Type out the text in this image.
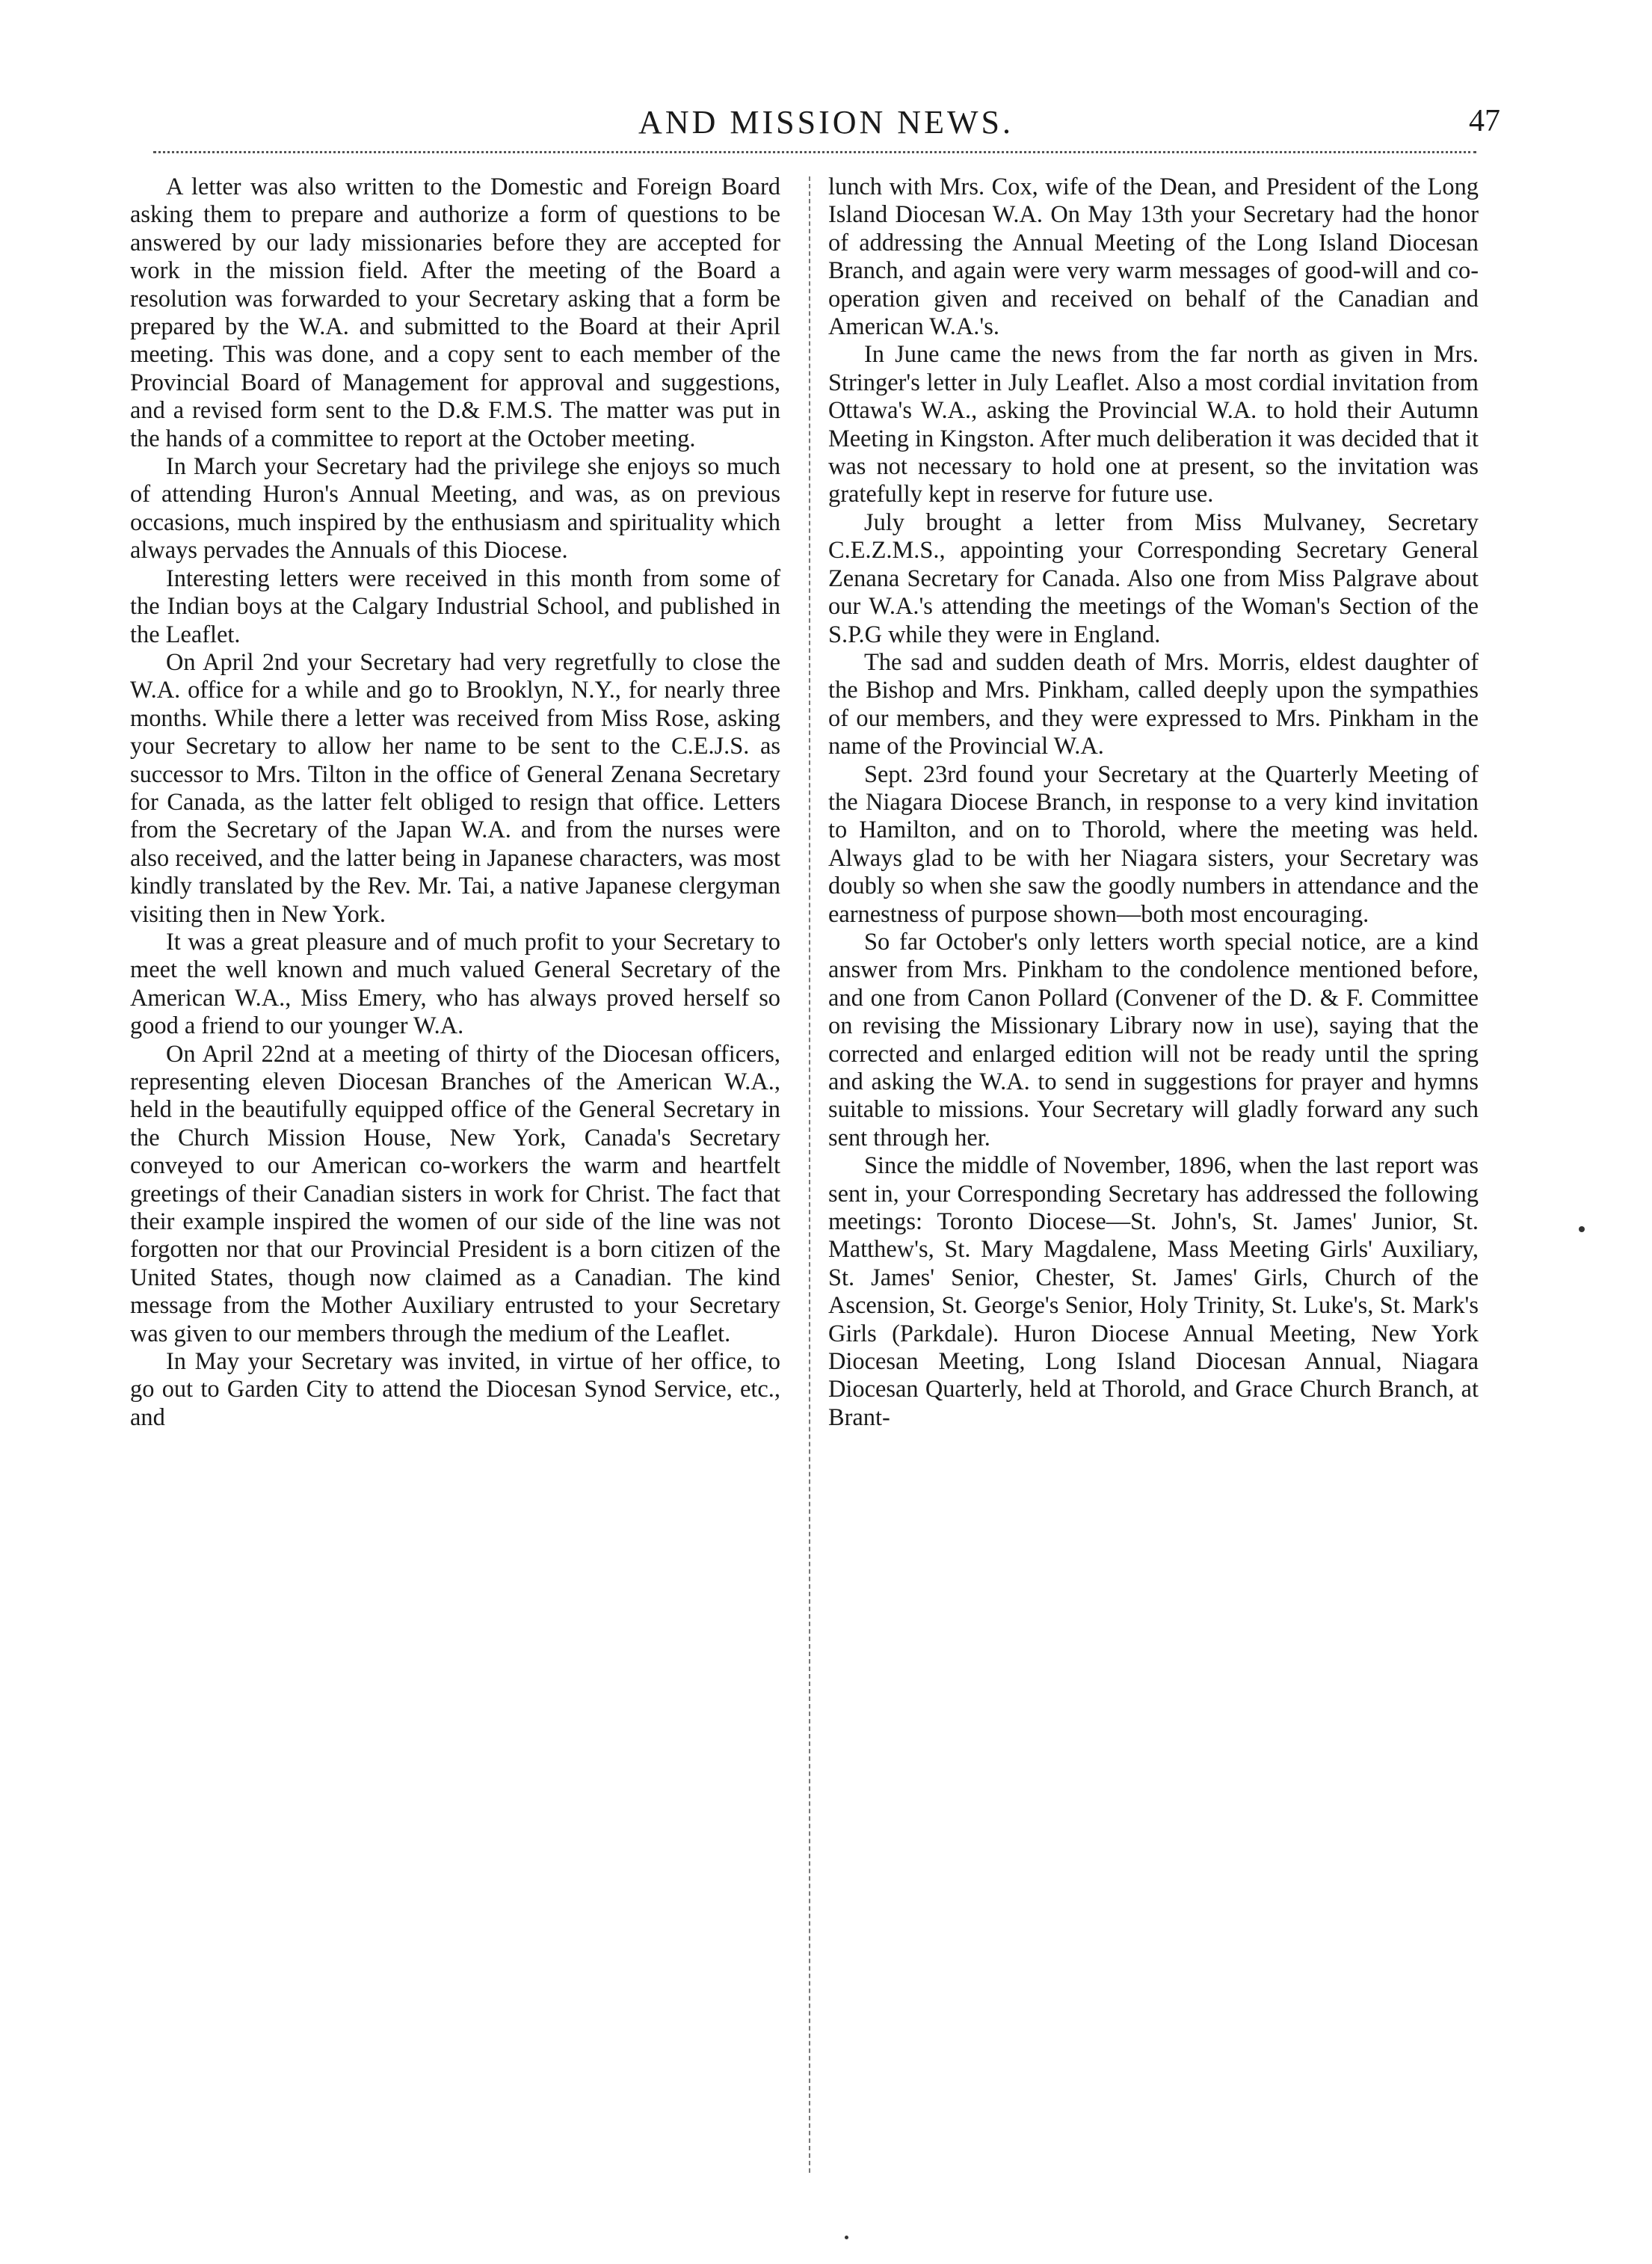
AND MISSION NEWS.	47

A letter was also written to the Domestic and Foreign Board asking them to prepare and authorize a form of questions to be answered by our lady missionaries before they are accepted for work in the mission field. After the meeting of the Board a resolution was forwarded to your Secretary asking that a form be prepared by the W.A. and submitted to the Board at their April meeting. This was done, and a copy sent to each member of the Provincial Board of Management for approval and suggestions, and a revised form sent to the D.& F.M.S. The matter was put in the hands of a committee to report at the October meeting.

In March your Secretary had the privilege she enjoys so much of attending Huron's Annual Meeting, and was, as on previous occasions, much inspired by the enthusiasm and spirituality which always pervades the Annuals of this Diocese.

Interesting letters were received in this month from some of the Indian boys at the Calgary Industrial School, and published in the Leaflet.

On April 2nd your Secretary had very regretfully to close the W.A. office for a while and go to Brooklyn, N.Y., for nearly three months. While there a letter was received from Miss Rose, asking your Secretary to allow her name to be sent to the C.E.J.S. as successor to Mrs. Tilton in the office of General Zenana Secretary for Canada, as the latter felt obliged to resign that office. Letters from the Secretary of the Japan W.A. and from the nurses were also received, and the latter being in Japanese characters, was most kindly translated by the Rev. Mr. Tai, a native Japanese clergyman visiting then in New York.

It was a great pleasure and of much profit to your Secretary to meet the well known and much valued General Secretary of the American W.A., Miss Emery, who has always proved herself so good a friend to our younger W.A.

On April 22nd at a meeting of thirty of the Diocesan officers, representing eleven Diocesan Branches of the American W.A., held in the beautifully equipped office of the General Secretary in the Church Mission House, New York, Canada's Secretary conveyed to our American co-workers the warm and heartfelt greetings of their Canadian sisters in work for Christ. The fact that their example inspired the women of our side of the line was not forgotten nor that our Provincial President is a born citizen of the United States, though now claimed as a Canadian. The kind message from the Mother Auxiliary entrusted to your Secretary was given to our members through the medium of the Leaflet.

In May your Secretary was invited, in virtue of her office, to go out to Garden City to attend the Diocesan Synod Service, etc., and

lunch with Mrs. Cox, wife of the Dean, and President of the Long Island Diocesan W.A. On May 13th your Secretary had the honor of addressing the Annual Meeting of the Long Island Diocesan Branch, and again were very warm messages of good-will and co-operation given and received on behalf of the Canadian and American W.A.'s.

In June came the news from the far north as given in Mrs. Stringer's letter in July Leaflet. Also a most cordial invitation from Ottawa's W.A., asking the Provincial W.A. to hold their Autumn Meeting in Kingston. After much deliberation it was decided that it was not necessary to hold one at present, so the invitation was gratefully kept in reserve for future use.

July brought a letter from Miss Mulvaney, Secretary C.E.Z.M.S., appointing your Corresponding Secretary General Zenana Secretary for Canada. Also one from Miss Palgrave about our W.A.'s attending the meetings of the Woman's Section of the S.P.G while they were in England.

The sad and sudden death of Mrs. Morris, eldest daughter of the Bishop and Mrs. Pinkham, called deeply upon the sympathies of our members, and they were expressed to Mrs. Pinkham in the name of the Provincial W.A.

Sept. 23rd found your Secretary at the Quarterly Meeting of the Niagara Diocese Branch, in response to a very kind invitation to Hamilton, and on to Thorold, where the meeting was held. Always glad to be with her Niagara sisters, your Secretary was doubly so when she saw the goodly numbers in attendance and the earnestness of purpose shown—both most encouraging.

So far October's only letters worth special notice, are a kind answer from Mrs. Pinkham to the condolence mentioned before, and one from Canon Pollard (Convener of the D. & F. Committee on revising the Missionary Library now in use), saying that the corrected and enlarged edition will not be ready until the spring and asking the W.A. to send in suggestions for prayer and hymns suitable to missions. Your Secretary will gladly forward any such sent through her.

Since the middle of November, 1896, when the last report was sent in, your Corresponding Secretary has addressed the following meetings: Toronto Diocese—St. John's, St. James' Junior, St. Matthew's, St. Mary Magdalene, Mass Meeting Girls' Auxiliary, St. James' Senior, Chester, St. James' Girls, Church of the Ascension, St. George's Senior, Holy Trinity, St. Luke's, St. Mark's Girls (Parkdale). Huron Diocese Annual Meeting, New York Diocesan Meeting, Long Island Diocesan Annual, Niagara Diocesan Quarterly, held at Thorold, and Grace Church Branch, at Brant-
